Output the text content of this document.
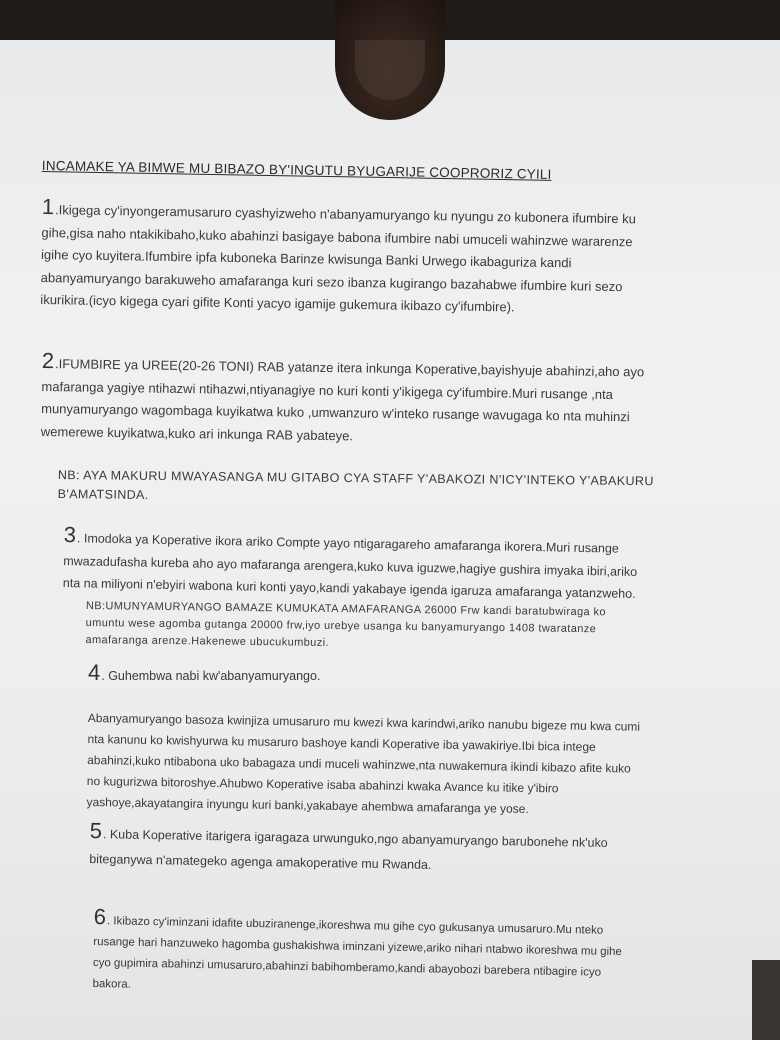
INCAMAKE YA BIMWE MU BIBAZO BY'INGUTU BYUGARIJE COOPRORIZ CYILI
1.Ikigega cy'inyongeramusaruro cyashyizweho n'abanyamuryango ku nyungu zo kubonera ifumbire ku
gihe,gisa naho ntakikibaho,kuko abahinzi basigaye babona ifumbire nabi umuceli wahinzwe wararenze
igihe cyo kuyitera.Ifumbire ipfa kuboneka Barinze kwisunga Banki Urwego ikabaguriza kandi
abanyamuryango barakuweho amafaranga kuri sezo ibanza kugirango bazahabwe ifumbire kuri sezo
ikurikira.(icyo kigega cyari gifite Konti yacyo igamije gukemura ikibazo cy'ifumbire).
2.IFUMBIRE ya UREE(20-26 TONI) RAB yatanze itera inkunga Koperative,bayishyuje abahinzi,aho ayo
mafaranga yagiye ntihazwi ntihazwi,ntiyanagiye no kuri konti y'ikigega cy'ifumbire.Muri rusange ,nta
munyamuryango wagombaga kuyikatwa kuko ,umwanzuro w'inteko rusange wavugaga ko nta muhinzi
wemerewe kuyikatwa,kuko ari inkunga RAB yabateye.
NB: AYA MAKURU MWAYASANGA MU GITABO CYA STAFF Y'ABAKOZI N'ICY'INTEKO Y'ABAKURU
B'AMATSINDA.
3. Imodoka ya Koperative ikora ariko Compte yayo ntigaragareho amafaranga ikorera.Muri rusange
mwazadufasha kureba aho ayo mafaranga arengera,kuko kuva iguzwe,hagiye gushira imyaka ibiri,ariko
nta na miliyoni n'ebyiri wabona kuri konti yayo,kandi yakabaye igenda igaruza amafaranga yatanzweho.
NB:UMUNYAMURYANGO BAMAZE KUMUKATA AMAFARANGA 26000 Frw kandi baratubwiraga ko
umuntu wese agomba gutanga 20000 frw,iyo urebye usanga ku banyamuryango 1408 twaratanze
amafaranga arenze.Hakenewe ubucukumbuzi.
4. Guhembwa nabi kw'abanyamuryango.
Abanyamuryango basoza kwinjiza umusaruro mu kwezi kwa karindwi,ariko nanubu bigeze mu kwa cumi
nta kanunu ko kwishyurwa ku musaruro bashoye kandi Koperative iba yawakiriye.Ibi bica intege
abahinzi,kuko ntibabona uko babagaza undi muceli wahinzwe,nta nuwakemura ikindi kibazo afite kuko
no kugurizwa bitoroshye.Ahubwo Koperative isaba abahinzi kwaka Avance ku itike y'ibiro
yashoye,akayatangira inyungu kuri banki,yakabaye ahembwa amafaranga ye yose.
5. Kuba Koperative itarigera igaragaza urwunguko,ngo abanyamuryango barubonehe nk'uko
biteganywa n'amategeko agenga amakoperative mu Rwanda.
6. Ikibazo cy'iminzani idafite ubuziranenge,ikoreshwa mu gihe cyo gukusanya umusaruro.Mu nteko
rusange hari hanzuweko hagomba gushakishwa iminzani yizewe,ariko nihari ntabwo ikoreshwa mu gihe
cyo gupimira abahinzi umusaruro,abahinzi babihomberamo,kandi abayobozi barebera ntibagire icyo
bakora.
